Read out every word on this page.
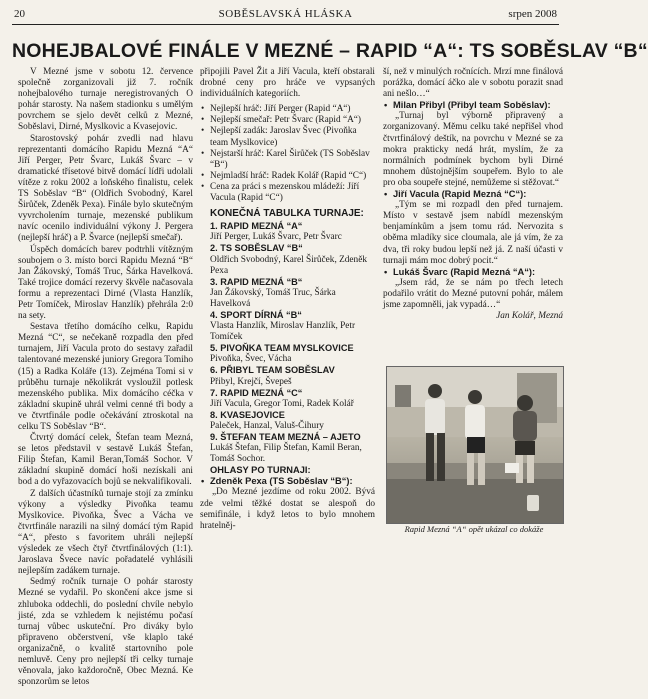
20	SOBĚSLAVSKÁ HLÁSKA	srpen 2008
NOHEJBALOVÉ FINÁLE V MEZNÉ – RAPID “A“: TS SOBĚSLAV “B“

V Mezné jsme v sobotu 12. července společně zorganizovali již 7. ročník nohejbalového turnaje neregistrovaných O pohár starosty. Na našem stadionku s umělým povrchem se sjelo devět celků z Mezné, Soběslavi, Dirné, Myslkovic a Kvasejovic.

Starostovský pohár zvedli nad hlavu reprezentanti domácího Rapidu Mezná “A“ Jiří Perger, Petr Švarc, Lukáš Švarc – v dramatické třísetové bitvě domácí lídři udolali vítěze z roku 2002 a loňského finalistu, celek TS Soběslav “B“ (Oldřich Svobodný, Karel Širůček, Zdeněk Pexa). Finále bylo skutečným vyvrcholením turnaje, mezenské publikum navíc ocenilo individuální výkony J. Pergera (nejlepší hráč) a P. Švarce (nejlepší smečař).

Úspěch domácích barev podtrhli vítězným soubojem o 3. místo borci Rapidu Mezná “B“ Jan Žákovský, Tomáš Truc, Šárka Havelková. Také trojice domácí rezervy škvěle načasovala formu a reprezentaci Dirné (Vlasta Hanzlík, Petr Tomíček, Miroslav Hanzlík) přehrála 2:0 na sety.

Sestava třetího domácího celku, Rapidu Mezná “C“, se nečekaně rozpadla den před turnajem, Jiří Vacula proto do sestavy zařadil talentované mezenské juniory Gregora Tomiho (15) a Radka Koláře (13). Zejména Tomi si v průběhu turnaje několikrát vysloužil potlesk mezenského publika. Mix domácího céčka v základní skupině uhrál velmi cenné tři body a ve čtvrtfinále podle očekávání ztroskotal na celku TS Soběslav “B“.

Čtvrtý domácí celek, Štefan team Mezná, se letos představil v sestavě Lukáš Štefan, Filip Štefan, Kamil Beran,Tomáš Sochor. V základní skupině domácí hoši nezískali ani bod a do vyřazovacích bojů se nekvalifikovali.

Z dalších účastníků turnaje stojí za zmínku výkony a výsledky Pivoňka teamu Myslkovice. Pivoňka, Švec a Vácha ve čtvrtfinále narazili na silný domácí tým Rapid “A“, přesto s favoritem uhráli nejlepší výsledek ze všech čtyř čtvrtfinálových (1:1). Jaroslava Švece navíc pořadatelé vyhlásili nejlepším zadákem turnaje.

Sedmý ročník turnaje O pohár starosty Mezné se vydařil. Po skončení akce jsme si zhluboka oddechli, do poslední chvíle nebylo jisté, zda se vzhledem k nejistému počasí turnaj vůbec uskuteční. Pro diváky bylo připraveno občerstvení, vše klaplo také organizačně, o kvalitě startovního pole nemluvě. Ceny pro nejlepší tři celky turnaje věnovala, jako každoročně, Obec Mezná. Ke sponzorům se letos

připojili Pavel Žit a Jiří Vacula, kteří obstarali drobné ceny pro hráče ve vypsaných individuálních kategoriích.

• Nejlepší hráč: Jiří Perger (Rapid “A“)
• Nejlepší smečař: Petr Švarc (Rapid “A“)
• Nejlepší zadák: Jaroslav Švec (Pivoňka team Myslkovice)
• Nejstarší hráč: Karel Širůček (TS Soběslav “B“)
• Nejmladší hráč: Radek Kolář (Rapid “C“)
• Cena za práci s mezenskou mládeží: Jiří Vacula (Rapid “C“)
KONEČNÁ TABULKA TURNAJE:
1. RAPID MEZNÁ “A“
Jiří Perger, Lukáš Švarc, Petr Švarc
2. TS SOBĚSLAV “B“
Oldřich Svobodný, Karel Širůček, Zdeněk Pexa
3. RAPID MEZNÁ “B“
Jan Žákovský, Tomáš Truc, Šárka Havelková
4. SPORT DÍRNÁ “B“
Vlasta Hanzlík, Miroslav Hanzlík, Petr Tomíček
5. PIVOŇKA TEAM MYSLKOVICE
Pivoňka, Švec, Vácha
6. PŘIBYL TEAM SOBĚSLAV
Přibyl, Krejčí, Švepeš
7. RAPID MEZNÁ “C“
Jiří Vacula, Gregor Tomi, Radek Kolář
8. KVASEJOVICE
Paleček, Hanzal, Valuš-Čihury
9. ŠTEFAN TEAM MEZNÁ – AJETO
Lukáš Štefan, Filip Štefan, Kamil Beran, Tomáš Sochor.
OHLASY PO TURNAJI:
• Zdeněk Pexa (TS Soběslav “B“):

„Do Mezné jezdíme od roku 2002. Bývá zde velmi těžké dostat se alespoň do semifinále, i když letos to bylo mnohem hratelněj-

ší, než v minulých ročnících. Mrzí mne finálová porážka, domácí áčko ale v sobotu porazit snad ani nešlo…“

• Milan Přibyl (Přibyl team Soběslav):

„Turnaj byl výborně připravený a zorganizovaný. Měmu celku také nepřišel vhod čtvrtfinálový deštík, na povrchu v Mezné se za mokra prakticky nedá hrát, myslím, že za normálních podmínek bychom byli Dirné mnohem důstojnějším soupeřem. Bylo to ale pro oba soupeře stejné, nemůžeme si stěžovat.“

• Jiří Vacula (Rapid Mezná “C“):

„Tým se mi rozpadl den před turnajem. Místo v sestavě jsem nabídl mezenským benjamínkům a jsem tomu rád. Nervozita s oběma mladíky sice cloumala, ale já vím, že za dva, tři roky budou lepší než já. Z naší účasti v turnaji mám moc dobrý pocit.“

• Lukáš Švarc (Rapid Mezná “A“):

„Jsem rád, že se nám po třech letech podařilo vrátit do Mezné putovní pohár, málem jsme zapomněli, jak vypadá…“

Jan Kolář, Mezná
Rapid Mezná “A“ opět ukázal co dokáže
